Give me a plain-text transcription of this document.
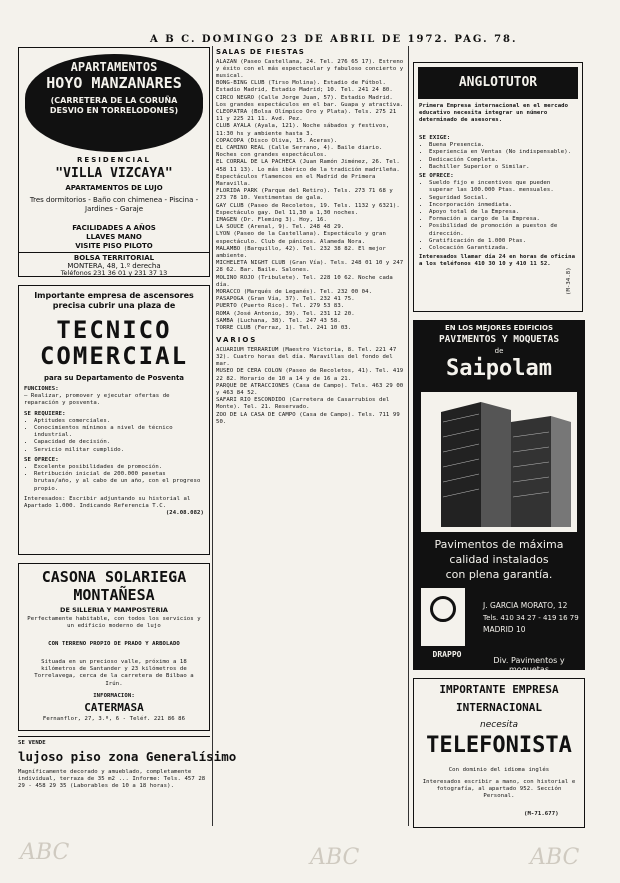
A B C. DOMINGO 23 DE ABRIL DE 1972. PAG. 78.
ABC	ABC	ABC
APARTAMENTOS
HOYO MANZANARES
(CARRETERA DE LA CORUÑA DESVIO EN TORRELODONES)
RESIDENCIAL
"VILLA VIZCAYA"
APARTAMENTOS DE LUJO
Tres dormitorios - Baño con chimenea - Piscina - Jardines - Garaje
FACILIDADES A AÑOS
LLAVES MANO
VISITE PISO PILOTO
BOLSA TERRITORIAL
MONTERA, 48, 1.º derecha
Teléfonos 231 36 01 y 231 37 13
Importante empresa de ascensores precisa cubrir una plaza de
TECNICO
COMERCIAL
para su Departamento de Posventa

FUNCIONES:

— Realizar, promover y ejecutar ofertas de reparación y posventa.

SE REQUIERE:

• Aptitudes comerciales.
• Conocimientos mínimos a nivel de técnico industrial.
• Capacidad de decisión.
• Servicio militar cumplido.

SE OFRECE:

• Excelente posibilidades de promoción.
• Retribución inicial de 200.000 pesetas brutas/año, y al cabo de un año, con el progreso propio.

Interesados: Escribir adjuntando su historial al Apartado 1.000. Indicando Referencia T.C.

(24.08.082)

CASONA SOLARIEGA
MONTAÑESA
DE SILLERIA Y MAMPOSTERIA
Perfectamente habitable, con todos los servicios y un edificio moderno de lujo
CON TERRENO PROPIO DE PRADO Y ARBOLADO
Situada en un precioso valle, próximo a 18 kilómetros de Santander y 23 kilómetros de Torrelavega, cerca de la carretera de Bilbao a Irún.
INFORMACION:
CATERMASA
Fernanflor, 27, 3.º, 6 - Teléf. 221 86 86
SE VENDE
lujoso piso zona Generalísimo
Magníficamente decorado y amueblado, completamente individual, terraza de 35 m2 ... Informe: Tels. 457 28 29 - 458 29 35 (Laborables de 10 a 18 horas).
SALAS DE FIESTAS

ALAZAN (Paseo Castellana, 24. Tel. 276 65 17). Estreno y éxito con el más espectacular y fabuloso concierto y musical.

BONG-BING CLUB (Tirso Molina). Estadio de Fútbol. Estadio Madrid, Estadio Madrid; 10. Tel. 241 24 80.

CIRCO NEGRO (Calle Jorge Juan, 57). Estadio Madrid. Los grandes espectáculos en el bar. Guapa y atractiva.

CLEOPATRA (Bolsa Olímpico Oro y Plata). Tels. 275 21 11 y 225 21 11. Avd. Pez.

CLUB AYALA (Ayala, 121). Noche sábados y festivos, 11:30 hs y ambiente hasta 3.

COPACOPA (Disco Oliva, 15. Aceras).

EL CAMINO REAL (Calle Serrano, 4). Baile diario. Noches con grandes espectáculos.

EL CORRAL DE LA PACHECA (Juan Ramón Jiménez, 26. Tel. 458 11 13). Lo más ibérico de la tradición madrileña. Espectáculos flamencos en el Madrid de Primera Maravilla.

FLORIDA PARK (Parque del Retiro). Tels. 273 71 68 y 273 78 10. Vestimentas de gala.

GAY CLUB (Paseo de Recoletos, 19. Tels. 1132 y 6321). Espectáculo gay. Del 11,30 a 1,30 noches.

IMAGEN (Dr. Fleming 3). Hoy, 16.

LA SOUCE (Arenal, 9). Tel. 248 48 29.

LYON (Paseo de la Castellana). Espectáculo y gran espectáculo. Club de pánicos. Alameda Nora.

MALAMBO (Barquillo, 42). Tel. 232 38 82. El mejor ambiente.

MICHELETA NIGHT CLUB (Gran Vía). Tels. 248 01 10 y 247 28 62. Bar. Baile. Salones.

MOLINO ROJO (Tribulete). Tel. 228 10 62. Noche cada día.

MORACCO (Marqués de Leganés). Tel. 232 00 04.

PASAPOGA (Gran Vía, 37). Tel. 232 41 75.

PUERTO (Puerto Rico). Tel. 279 53 83.

ROMA (José Antonio, 39). Tel. 231 12 20.

SAMBA (Luchana, 38). Tel. 247 43 58.

TORRE CLUB (Ferraz, 1). Tel. 241 10 03.

VARIOS

ACUARIUM TERRARIUM (Maestro Victoria, 8. Tel. 221 47 32). Cuatro horas del día. Maravillas del fondo del mar.

MUSEO DE CERA COLON (Paseo de Recoletos, 41). Tel. 419 22 82. Horario de 10 a 14 y de 16 a 21.

PARQUE DE ATRACCIONES (Casa de Campo). Tels. 463 29 00 y 463 84 52.

SAFARI RIO ESCONDIDO (Carretera de Casarrubios del Monte). Tel. 21. Reservado.

ZOO DE LA CASA DE CAMPO (Casa de Campo). Tels. 711 99 50.

ANGLOTUTOR
Primera Empresa internacional en el mercado educativo necesita integrar un número determinado de asesores.

SE EXIGE:

• Buena Presencia.
• Experiencia en Ventas (No indispensable).
• Dedicación Completa.
• Bachiller Superior o Similar.

SE OFRECE:

• Sueldo fijo e incentivos que pueden superar las 100.000 Ptas. mensuales.
• Seguridad Social.
• Incorporación inmediata.
• Apoyo total de la Empresa.
• Formación a cargo de la Empresa.
• Posibilidad de promoción a puestos de dirección.
• Gratificación de 1.000 Ptas.
• Colocación Garantizada.

Interesados llamar día 24 en horas de oficina a los teléfonos 410 30 10 y 410 11 52.

(M-34.8)
EN LOS MEJORES EDIFICIOS
PAVIMENTOS Y MOQUETAS
de
Saipolam
Pavimentos de máxima
calidad instalados
con plena garantía.
DRAPPO
J. GARCIA MORATO, 12
Tels. 410 34 27 - 419 16 79
MADRID 10
Div. Pavimentos y moquetas
IMPORTANTE EMPRESA
INTERNACIONAL
necesita
TELEFONISTA
Con dominio del idioma inglés
Interesados escribir a mano, con historial e fotografía, al apartado 952. Sección Personal.
(M-71.677)
